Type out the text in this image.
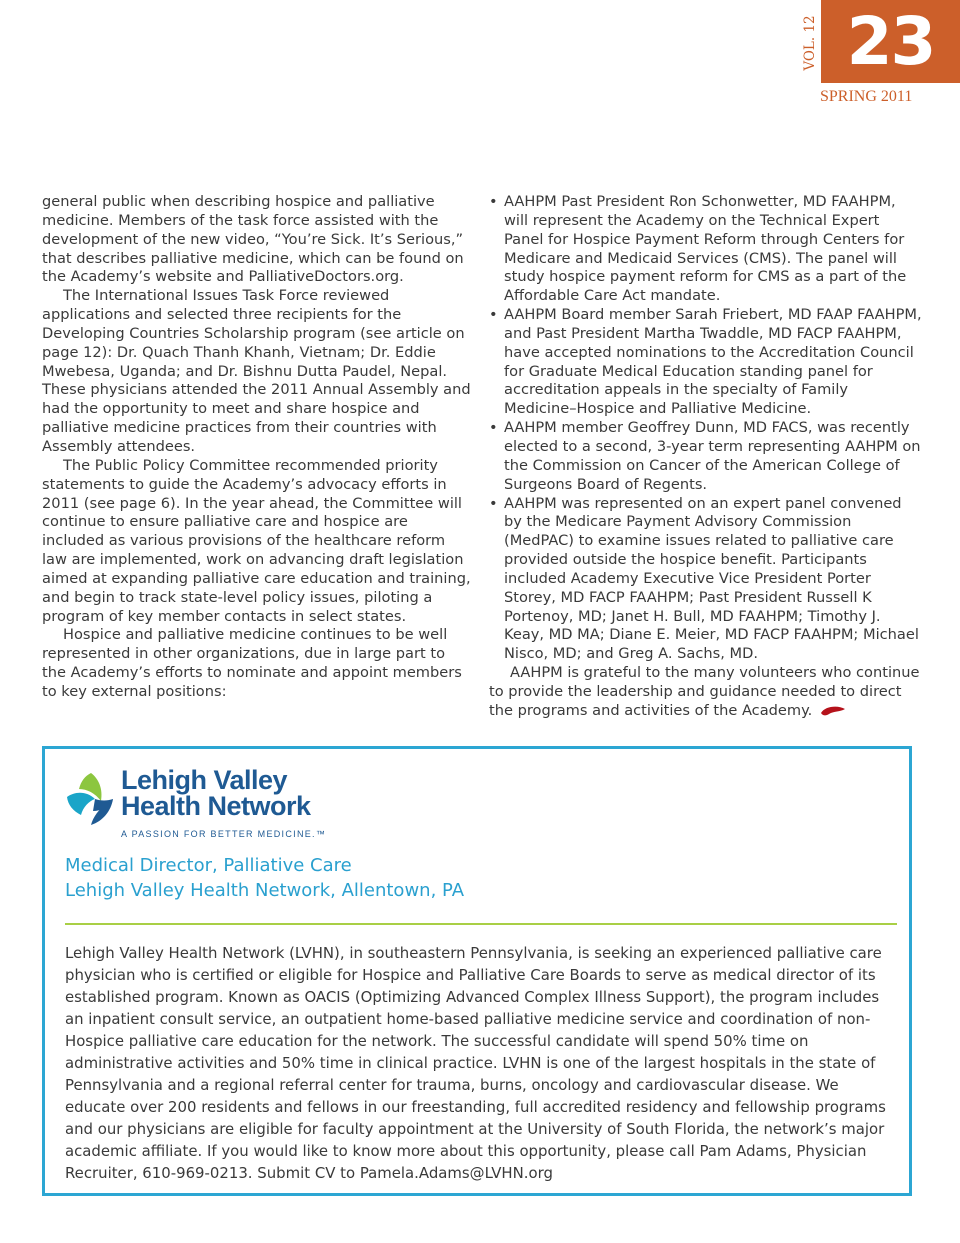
VOL. 12 23
SPRING 2011

general public when describing hospice and palliative medicine. Members of the task force assisted with the development of the new video, “You’re Sick. It’s Serious,” that describes palliative medicine, which can be found on the Academy’s website and PalliativeDoctors.org.

The International Issues Task Force reviewed applications and selected three recipients for the Developing Countries Scholarship program (see article on page 12): Dr. Quach Thanh Khanh, Vietnam; Dr. Eddie Mwebesa, Uganda; and Dr. Bishnu Dutta Paudel, Nepal. These physicians attended the 2011 Annual Assembly and had the opportunity to meet and share hospice and palliative medicine practices from their countries with Assembly attendees.

The Public Policy Committee recommended priority statements to guide the Academy’s advocacy efforts in 2011 (see page 6). In the year ahead, the Committee will continue to ensure palliative care and hospice are included as various provisions of the healthcare reform law are implemented, work on advancing draft legislation aimed at expanding palliative care education and training, and begin to track state-level policy issues, piloting a program of key member contacts in select states.

Hospice and palliative medicine continues to be well represented in other organizations, due in large part to the Academy’s efforts to nominate and appoint members to key external positions:

• AAHPM Past President Ron Schonwetter, MD FAAHPM, will represent the Academy on the Technical Expert Panel for Hospice Payment Reform through Centers for Medicare and Medicaid Services (CMS). The panel will study hospice payment reform for CMS as a part of the Affordable Care Act mandate.
• AAHPM Board member Sarah Friebert, MD FAAP FAAHPM, and Past President Martha Twaddle, MD FACP FAAHPM, have accepted nominations to the Accreditation Council for Graduate Medical Education standing panel for accreditation appeals in the specialty of Family Medicine–Hospice and Palliative Medicine.
• AAHPM member Geoffrey Dunn, MD FACS, was recently elected to a second, 3-year term representing AAHPM on the Commission on Cancer of the American College of Surgeons Board of Regents.
• AAHPM was represented on an expert panel convened by the Medicare Payment Advisory Commission (MedPAC) to examine issues related to palliative care provided outside the hospice benefit. Participants included Academy Executive Vice President Porter Storey, MD FACP FAAHPM; Past President Russell K Portenoy, MD; Janet H. Bull, MD FAAHPM; Timothy J. Keay, MD MA; Diane E. Meier, MD FACP FAAHPM; Michael Nisco, MD; and Greg A. Sachs, MD.

AAHPM is grateful to the many volunteers who continue to provide the leadership and guidance needed to direct the programs and activities of the Academy.

Lehigh Valley
Health Network
A PASSION FOR BETTER MEDICINE.™
Medical Director, Palliative Care
Lehigh Valley Health Network, Allentown, PA

Lehigh Valley Health Network (LVHN), in southeastern Pennsylvania, is seeking an experienced palliative care physician who is certified or eligible for Hospice and Palliative Care Boards to serve as medical director of its established program. Known as OACIS (Optimizing Advanced Complex Illness Support), the program includes an inpatient consult service, an outpatient home-based palliative medicine service and coordination of non-Hospice palliative care education for the network. The successful candidate will spend 50% time on administrative activities and 50% time in clinical practice. LVHN is one of the largest hospitals in the state of Pennsylvania and a regional referral center for trauma, burns, oncology and cardiovascular disease. We educate over 200 residents and fellows in our freestanding, full accredited residency and fellowship programs and our physicians are eligible for faculty appointment at the University of South Florida, the network’s major academic affiliate. If you would like to know more about this opportunity, please call Pam Adams, Physician Recruiter, 610-969-0213. Submit CV to Pamela.Adams@LVHN.org
